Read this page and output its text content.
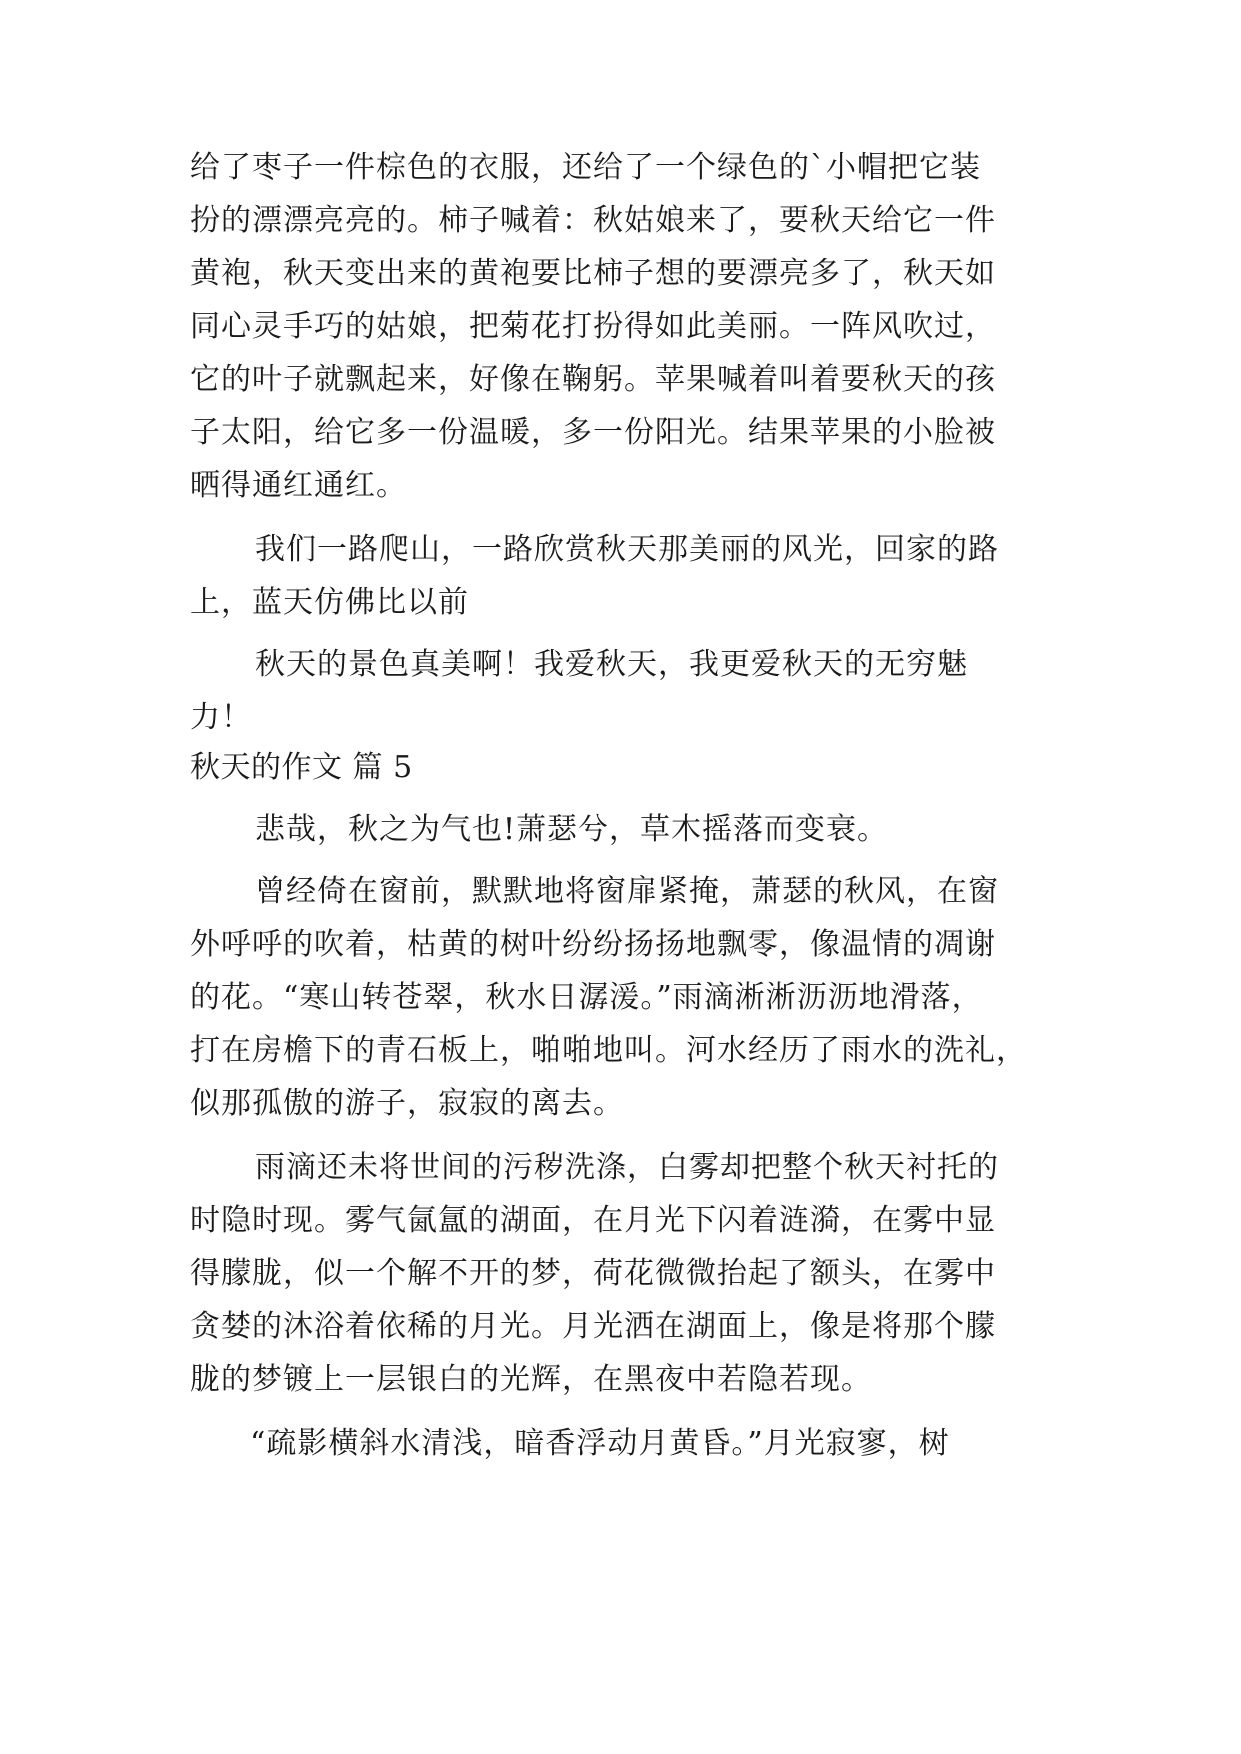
给了枣子一件棕色的衣服，还给了一个绿色的`小帽把它装
扮的漂漂亮亮的。柿子喊着：秋姑娘来了，要秋天给它一件
黄袍，秋天变出来的黄袍要比柿子想的要漂亮多了，秋天如
同心灵手巧的姑娘，把菊花打扮得如此美丽。一阵风吹过，
它的叶子就飘起来，好像在鞠躬。苹果喊着叫着要秋天的孩
子太阳，给它多一份温暖，多一份阳光。结果苹果的小脸被
晒得通红通红。
我们一路爬山，一路欣赏秋天那美丽的风光，回家的路
上，蓝天仿佛比以前
秋天的景色真美啊！我爱秋天，我更爱秋天的无穷魅
力！
秋天的作文 篇 5
悲哉，秋之为气也!萧瑟兮，草木摇落而变衰。
曾经倚在窗前，默默地将窗扉紧掩，萧瑟的秋风，在窗
外呼呼的吹着，枯黄的树叶纷纷扬扬地飘零，像温情的凋谢
的花。“寒山转苍翠，秋水日潺湲。”雨滴淅淅沥沥地滑落，
打在房檐下的青石板上，啪啪地叫。河水经历了雨水的洗礼，
似那孤傲的游子，寂寂的离去。
雨滴还未将世间的污秽洗涤，白雾却把整个秋天衬托的
时隐时现。雾气氤氲的湖面，在月光下闪着涟漪，在雾中显
得朦胧，似一个解不开的梦，荷花微微抬起了额头，在雾中
贪婪的沐浴着依稀的月光。月光洒在湖面上，像是将那个朦
胧的梦镀上一层银白的光辉，在黑夜中若隐若现。
“疏影横斜水清浅，暗香浮动月黄昏。”月光寂寥，树
